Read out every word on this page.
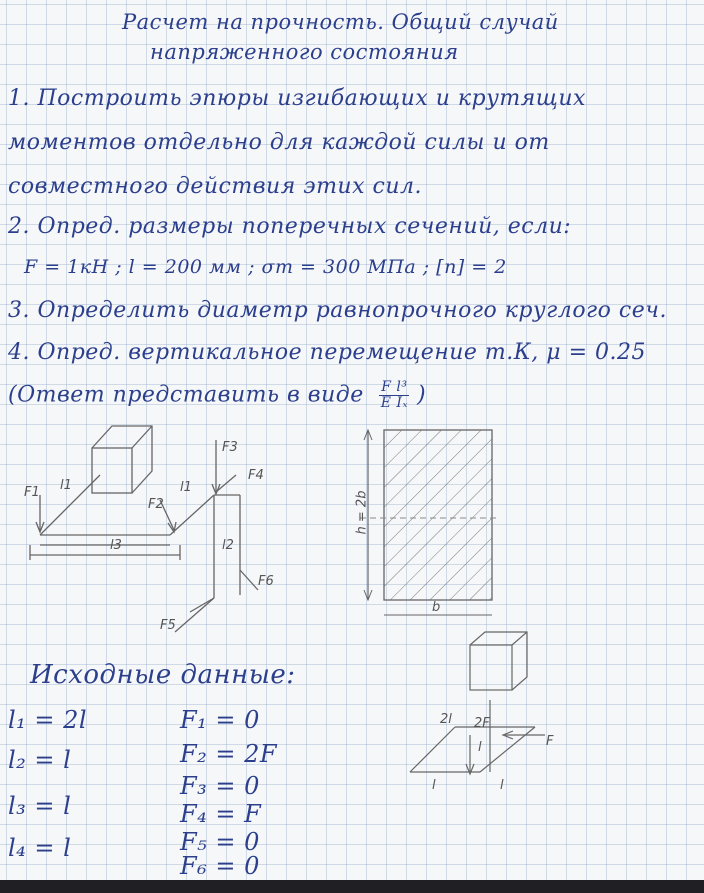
Расчет на прочность. Общий случай
напряженного состояния
1. Построить эпюры изгибающих и крутящих
моментов отдельно для каждой силы и от
совместного действия этих сил.
2. Опред. размеры поперечных сечений, если:
F = 1кН ; l = 200 мм ; σт = 300 МПа ; [n] = 2
3. Определить диаметр равнопрочного круглого сеч.
4. Опред. вертикальное перемещение т.К, μ = 0.25
(Ответ представить в виде $\frac{\text{F l³}}{\text{E Iₓ}}$ )
F1 l1
F2
l1
l3
F3
F4
l2
F6
F5
h = 2b
b
2l 2F
l	F
l	l
Исходные данные:
l₁ = 2l
l₂ = l
l₃ = l
l₄ = l
F₁ = 0
F₂ = 2F
F₃ = 0
F₄ = F
F₅ = 0
F₆ = 0
